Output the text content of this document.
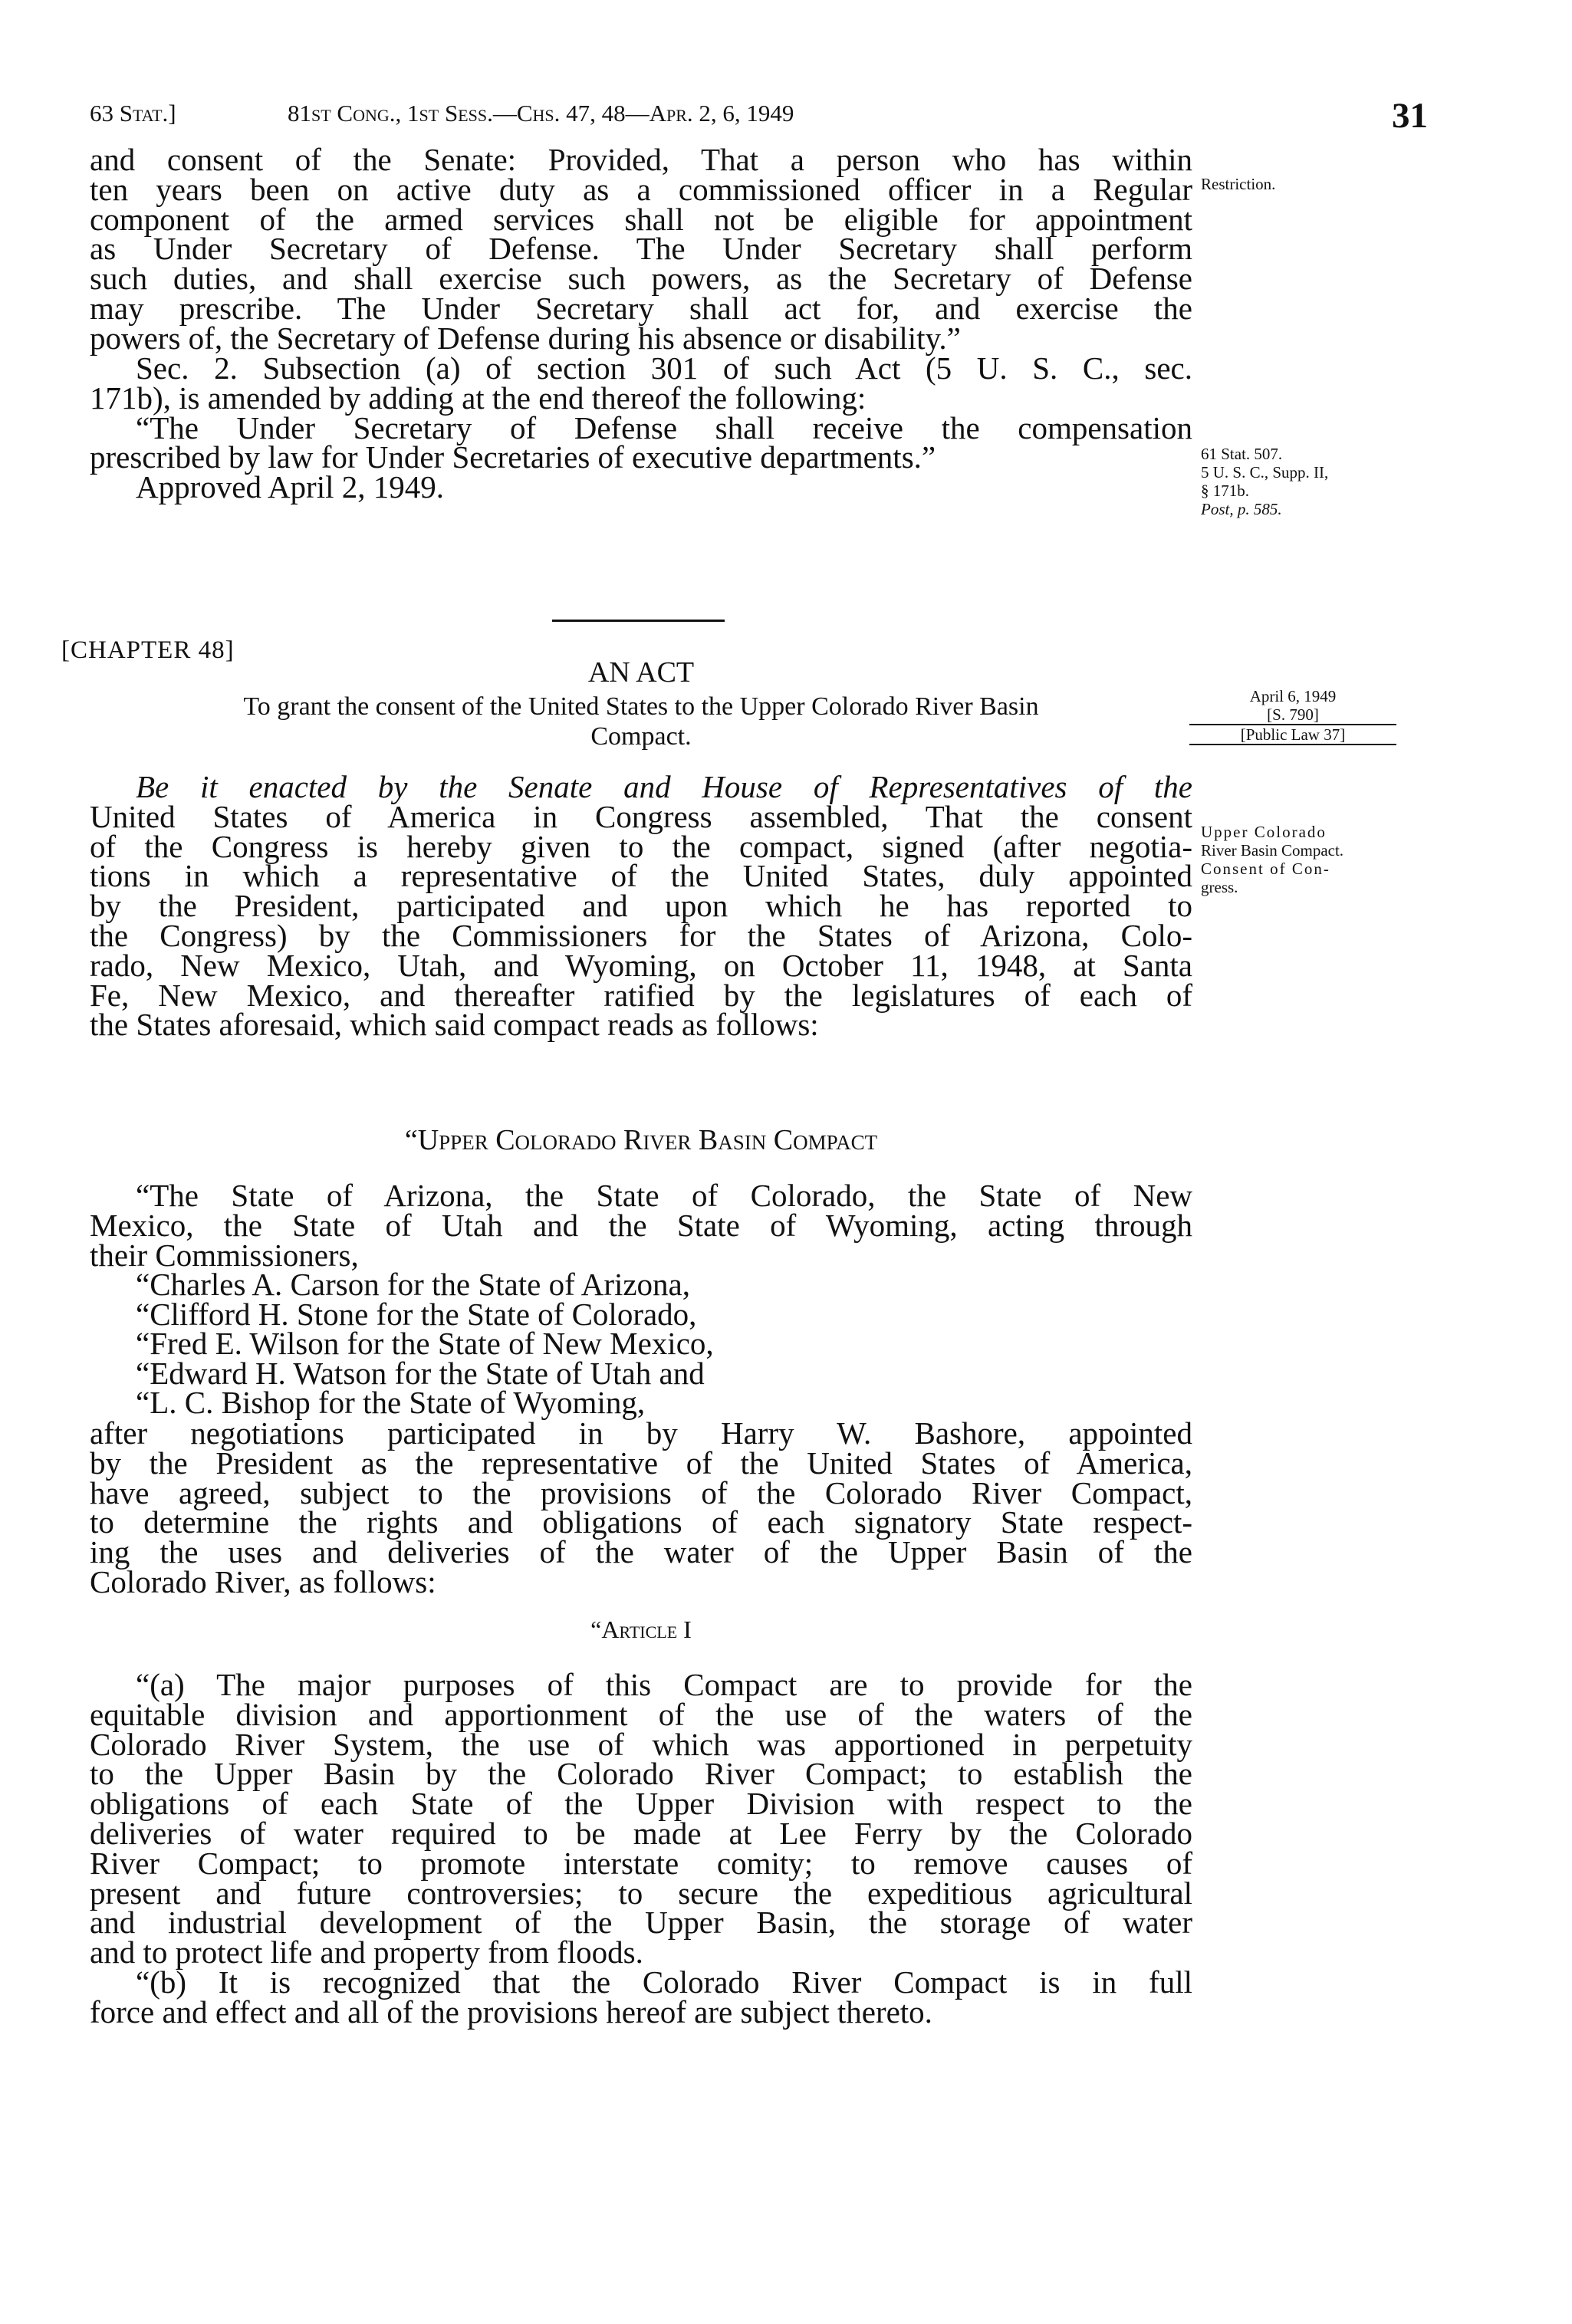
63 Stat.]	81st Cong., 1st Sess.—Chs. 47, 48—Apr. 2, 6, 1949	31
and consent of the Senate: Provided, That a person who has within
ten years been on active duty as a commissioned officer in a Regular
component of the armed services shall not be eligible for appointment
as Under Secretary of Defense. The Under Secretary shall perform
such duties, and shall exercise such powers, as the Secretary of Defense
may prescribe. The Under Secretary shall act for, and exercise the
powers of, the Secretary of Defense during his absence or disability.”
Sec. 2. Subsection (a) of section 301 of such Act (5 U. S. C., sec.
171b), is amended by adding at the end thereof the following:
“The Under Secretary of Defense shall receive the compensation
prescribed by law for Under Secretaries of executive departments.”
Approved April 2, 1949.
[CHAPTER 48]
AN ACT
To grant the consent of the United States to the Upper Colorado River Basin
Compact.
Be it enacted by the Senate and House of Representatives of the
United States of America in Congress assembled, That the consent
of the Congress is hereby given to the compact, signed (after negotia-
tions in which a representative of the United States, duly appointed
by the President, participated and upon which he has reported to
the Congress) by the Commissioners for the States of Arizona, Colo-
rado, New Mexico, Utah, and Wyoming, on October 11, 1948, at Santa
Fe, New Mexico, and thereafter ratified by the legislatures of each of
the States aforesaid, which said compact reads as follows:
“Upper Colorado River Basin Compact
“The State of Arizona, the State of Colorado, the State of New
Mexico, the State of Utah and the State of Wyoming, acting through
their Commissioners,
“Charles A. Carson for the State of Arizona,
“Clifford H. Stone for the State of Colorado,
“Fred E. Wilson for the State of New Mexico,
“Edward H. Watson for the State of Utah and
“L. C. Bishop for the State of Wyoming,
after negotiations participated in by Harry W. Bashore, appointed
by the President as the representative of the United States of America,
have agreed, subject to the provisions of the Colorado River Compact,
to determine the rights and obligations of each signatory State respect-
ing the uses and deliveries of the water of the Upper Basin of the
Colorado River, as follows:
“Article I
“(a) The major purposes of this Compact are to provide for the
equitable division and apportionment of the use of the waters of the
Colorado River System, the use of which was apportioned in perpetuity
to the Upper Basin by the Colorado River Compact; to establish the
obligations of each State of the Upper Division with respect to the
deliveries of water required to be made at Lee Ferry by the Colorado
River Compact; to promote interstate comity; to remove causes of
present and future controversies; to secure the expeditious agricultural
and industrial development of the Upper Basin, the storage of water
and to protect life and property from floods.
“(b) It is recognized that the Colorado River Compact is in full
force and effect and all of the provisions hereof are subject thereto.
Restriction.
61 Stat. 507.
5 U. S. C., Supp. II,
§ 171b.
Post, p. 585.
April 6, 1949
[S. 790]
[Public Law 37]
Upper Colorado
River Basin Compact.
Consent of Con-
gress.
